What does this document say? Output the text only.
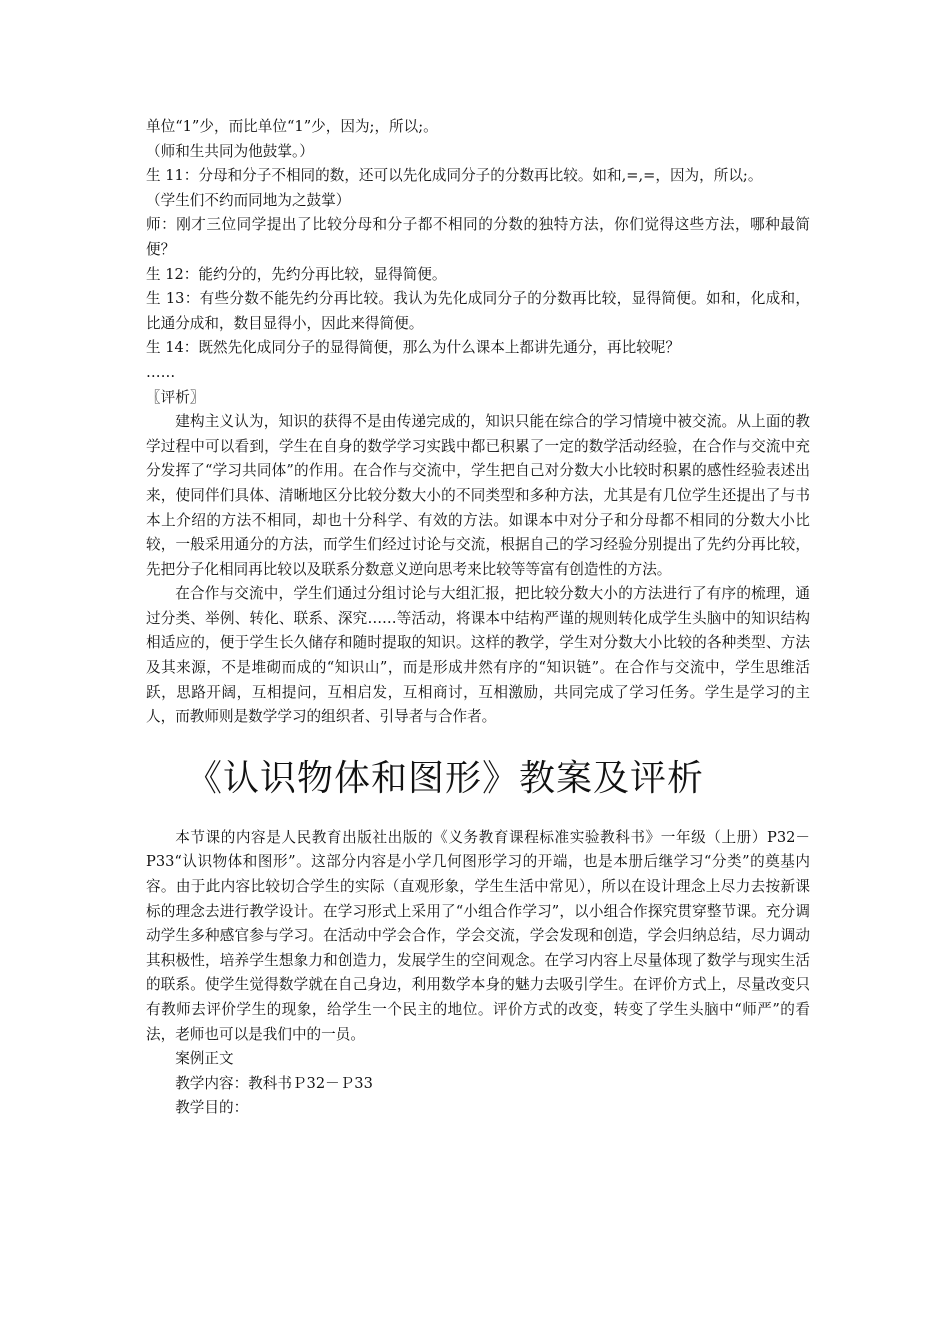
单位“1”少，而比单位“1”少，因为;，所以;。

（师和生共同为他鼓掌。）

生 11：分母和分子不相同的数，还可以先化成同分子的分数再比较。如和,=,=，因为，所以;。

（学生们不约而同地为之鼓掌）

师：刚才三位同学提出了比较分母和分子都不相同的分数的独特方法，你们觉得这些方法，哪种最简便？

生 12：能约分的，先约分再比较，显得简便。

生 13：有些分数不能先约分再比较。我认为先化成同分子的分数再比较，显得简便。如和，化成和，比通分成和，数目显得小，因此来得简便。

生 14：既然先化成同分子的显得简便，那么为什么课本上都讲先通分，再比较呢？

……

〖评析〗

建构主义认为，知识的获得不是由传递完成的，知识只能在综合的学习情境中被交流。从上面的教学过程中可以看到，学生在自身的数学学习实践中都已积累了一定的数学活动经验，在合作与交流中充分发挥了“学习共同体”的作用。在合作与交流中，学生把自己对分数大小比较时积累的感性经验表述出来，使同伴们具体、清晰地区分比较分数大小的不同类型和多种方法，尤其是有几位学生还提出了与书本上介绍的方法不相同，却也十分科学、有效的方法。如课本中对分子和分母都不相同的分数大小比较，一般采用通分的方法，而学生们经过讨论与交流，根据自己的学习经验分别提出了先约分再比较，先把分子化相同再比较以及联系分数意义逆向思考来比较等等富有创造性的方法。

在合作与交流中，学生们通过分组讨论与大组汇报，把比较分数大小的方法进行了有序的梳理，通过分类、举例、转化、联系、深究……等活动，将课本中结构严谨的规则转化成学生头脑中的知识结构相适应的，便于学生长久储存和随时提取的知识。这样的教学，学生对分数大小比较的各种类型、方法及其来源，不是堆砌而成的“知识山”，而是形成井然有序的“知识链”。在合作与交流中，学生思维活跃，思路开阔，互相提问，互相启发，互相商讨，互相激励，共同完成了学习任务。学生是学习的主人，而教师则是数学学习的组织者、引导者与合作者。

《认识物体和图形》教案及评析

本节课的内容是人民教育出版社出版的《义务教育课程标准实验教科书》一年级（上册）P32－P33“认识物体和图形”。这部分内容是小学几何图形学习的开端，也是本册后继学习“分类”的奠基内容。由于此内容比较切合学生的实际（直观形象，学生生活中常见），所以在设计理念上尽力去按新课标的理念去进行教学设计。在学习形式上采用了“小组合作学习”，以小组合作探究贯穿整节课。充分调动学生多种感官参与学习。在活动中学会合作，学会交流，学会发现和创造，学会归纳总结，尽力调动其积极性，培养学生想象力和创造力，发展学生的空间观念。在学习内容上尽量体现了数学与现实生活的联系。使学生觉得数学就在自己身边，利用数学本身的魅力去吸引学生。在评价方式上，尽量改变只有教师去评价学生的现象，给学生一个民主的地位。评价方式的改变，转变了学生头脑中“师严”的看法，老师也可以是我们中的一员。

案例正文

教学内容：教科书Ｐ32－Ｐ33

教学目的：
